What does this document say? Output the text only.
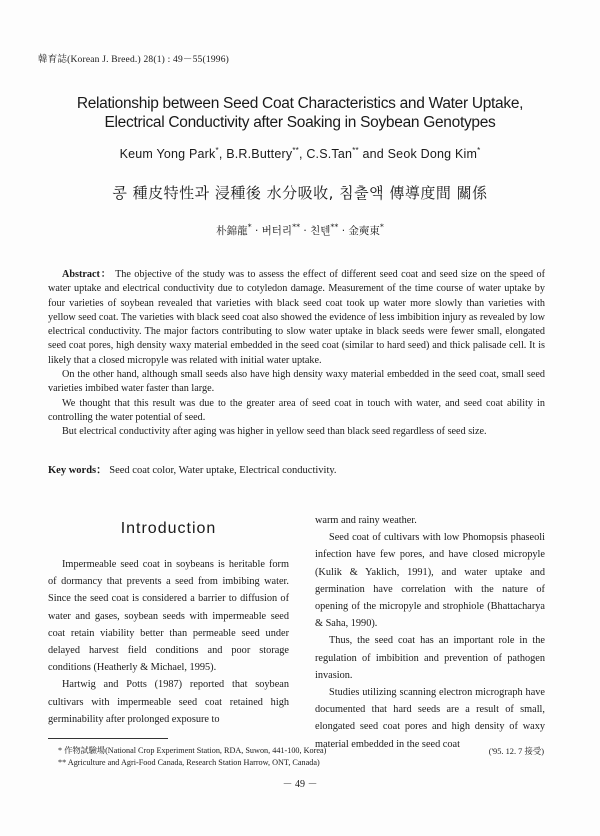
韓育誌(Korean J. Breed.) 28(1) : 49－55(1996)
Relationship between Seed Coat Characteristics and Water Uptake,
Electrical Conductivity after Soaking in Soybean Genotypes
Keum Yong Park*, B.R.Buttery**, C.S.Tan** and Seok Dong Kim*
콩 種皮特性과 浸種後 水分吸收, 침출액 傳導度間 關係
朴錦龍* · 버터리** · 친텐** · 金奭東*

Abstract： The objective of the study was to assess the effect of different seed coat and seed size on the speed of water uptake and electrical conductivity due to cotyledon damage. Measurement of the time course of water uptake by four varieties of soybean revealed that varieties with black seed coat took up water more slowly than varieties with yellow seed coat. The varieties with black seed coat also showed the evidence of less imbibition injury as revealed by low electrical conductivity. The major factors contributing to slow water uptake in black seeds were fewer small, elongated seed coat pores, high density waxy material embedded in the seed coat (similar to hard seed) and thick palisade cell. It is likely that a closed micropyle was related with initial water uptake.

On the other hand, although small seeds also have high density waxy material embedded in the seed coat, small seed varieties imbibed water faster than large.

We thought that this result was due to the greater area of seed coat in touch with water, and seed coat ability in controlling the water potential of seed.

But electrical conductivity after aging was higher in yellow seed than black seed regardless of seed size.

Key words： Seed coat color, Water uptake, Electrical conductivity.
Introduction

Impermeable seed coat in soybeans is heritable form of dormancy that prevents a seed from imbibing water. Since the seed coat is considered a barrier to diffusion of water and gases, soybean seeds with impermeable seed coat retain viability better than permeable seed under delayed harvest field conditions and poor storage conditions (Heatherly & Michael, 1995).

Hartwig and Potts (1987) reported that soybean cultivars with impermeable seed coat retained high germinability after prolonged exposure to

warm and rainy weather.

Seed coat of cultivars with low Phomopsis phaseoli infection have few pores, and have closed micropyle (Kulik & Yaklich, 1991), and water uptake and germination have correlation with the nature of opening of the micropyle and strophiole (Bhattacharya & Saha, 1990).

Thus, the seed coat has an important role in the regulation of imbibition and prevention of pathogen invasion.

Studies utilizing scanning electron micrograph have documented that hard seeds are a result of small, elongated seed coat pores and high density of waxy material embedded in the seed coat

* 作物試驗場(National Crop Experiment Station, RDA, Suwon, 441-100, Korea)
** Agriculture and Agri-Food Canada, Research Station Harrow, ONT, Canada)
('95. 12. 7 接受)
－ 49 －
